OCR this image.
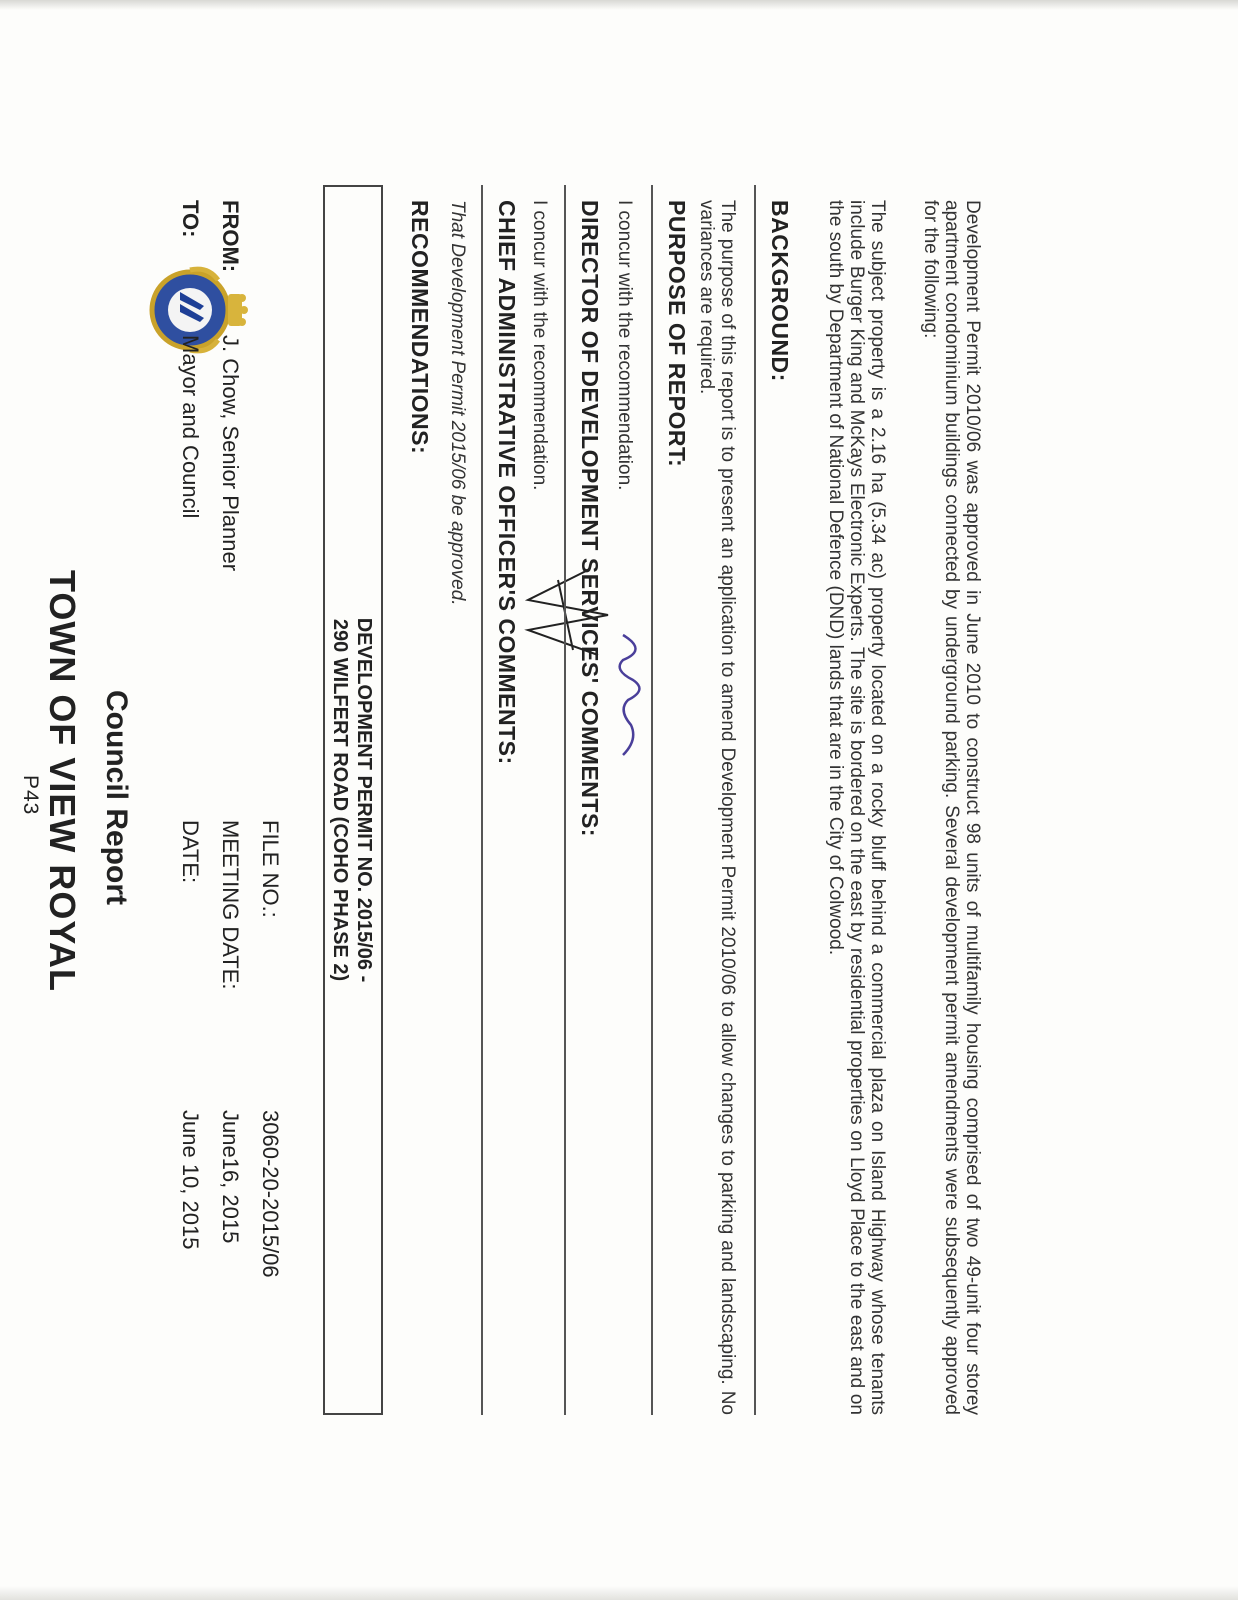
P43 TOWN OF VIEW ROYAL Council Report
TO:
Mayor and Council
FROM:
J. Chow, Senior Planner
DATE:
June 10, 2015
MEETING DATE:
June16, 2015
FILE NO.:
3060-20-2015/06
DEVELOPMENT PERMIT NO. 2015/06 -
290 WILFERT ROAD (COHO PHASE 2)
RECOMMENDATIONS: That Development Permit 2015/06 be approved. CHIEF ADMINISTRATIVE OFFICER'S COMMENTS: I concur with the recommendation. DIRECTOR OF DEVELOPMENT SERVICES' COMMENTS: I concur with the recommendation. PURPOSE OF REPORT:	The purpose of this report is to present an application to amend Development Permit 2010/06 to allow changes to parking and landscaping. No variances are required.	BACKGROUND:	The subject property is a 2.16 ha (5.34 ac) property located on a rocky bluff behind a commercial plaza on Island Highway whose tenants include Burger King and McKays Electronic Experts. The site is bordered on the east by residential properties on Lloyd Place to the east and on the south by Department of National Defence (DND) lands that are in the City of Colwood.	Development Permit 2010/06 was approved in June 2010 to construct 98 units of multifamily housing comprised of two 49-unit four storey apartment condominium buildings connected by underground parking. Several development permit amendments were subsequently approved for the following:
